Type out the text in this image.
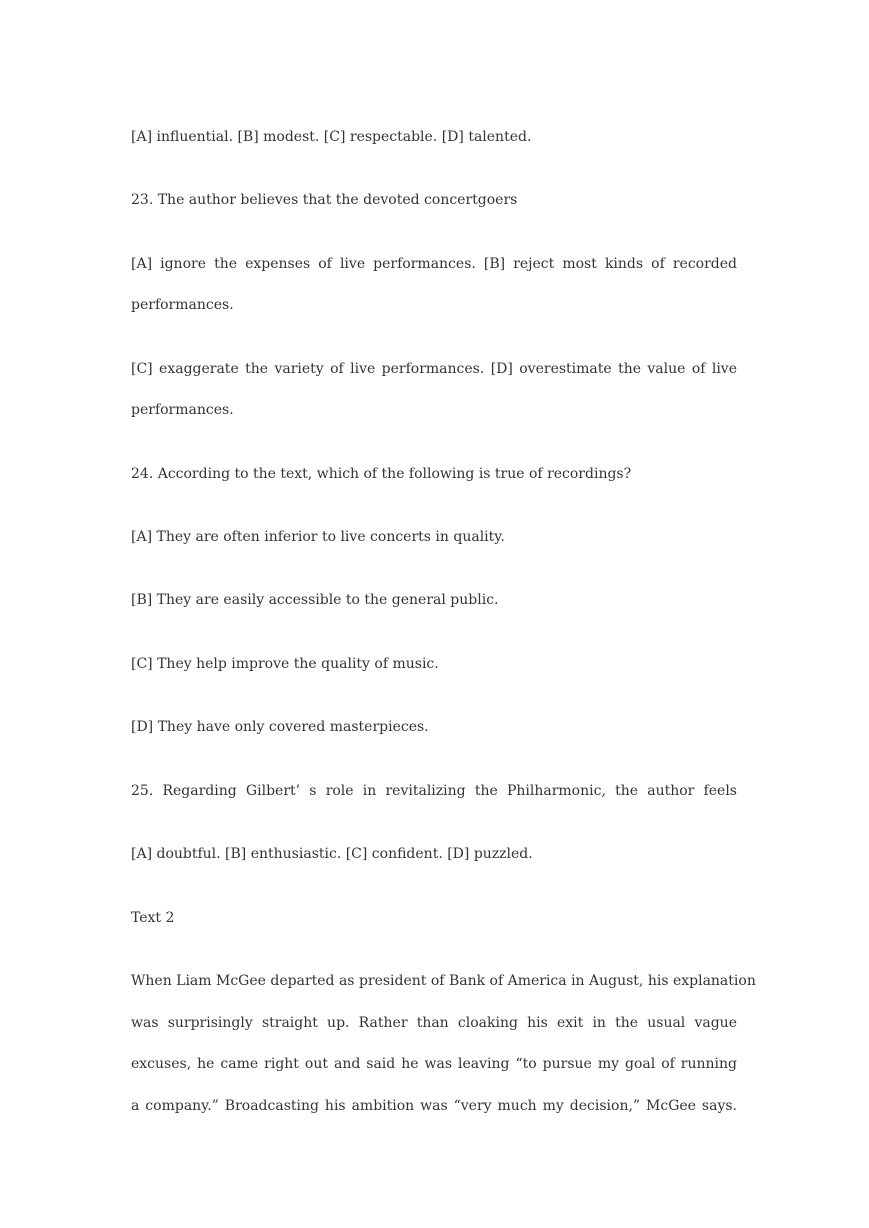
[A] influential. [B] modest. [C] respectable. [D] talented.
23. The author believes that the devoted concertgoers
[A] ignore the expenses of live performances. [B] reject most kinds of recorded
performances.
[C] exaggerate the variety of live performances. [D] overestimate the value of live
performances.
24. According to the text, which of the following is true of recordings?
[A] They are often inferior to live concerts in quality.
[B] They are easily accessible to the general public.
[C] They help improve the quality of music.
[D] They have only covered masterpieces.
25. Regarding Gilbert’ s role in revitalizing the Philharmonic, the author feels
[A] doubtful. [B] enthusiastic. [C] confident. [D] puzzled.
Text 2
When Liam McGee departed as president of Bank of America in August, his explanation
was surprisingly straight up. Rather than cloaking his exit in the usual vague
excuses, he came right out and said he was leaving “to pursue my goal of running
a company.” Broadcasting his ambition was “very much my decision,” McGee says.
